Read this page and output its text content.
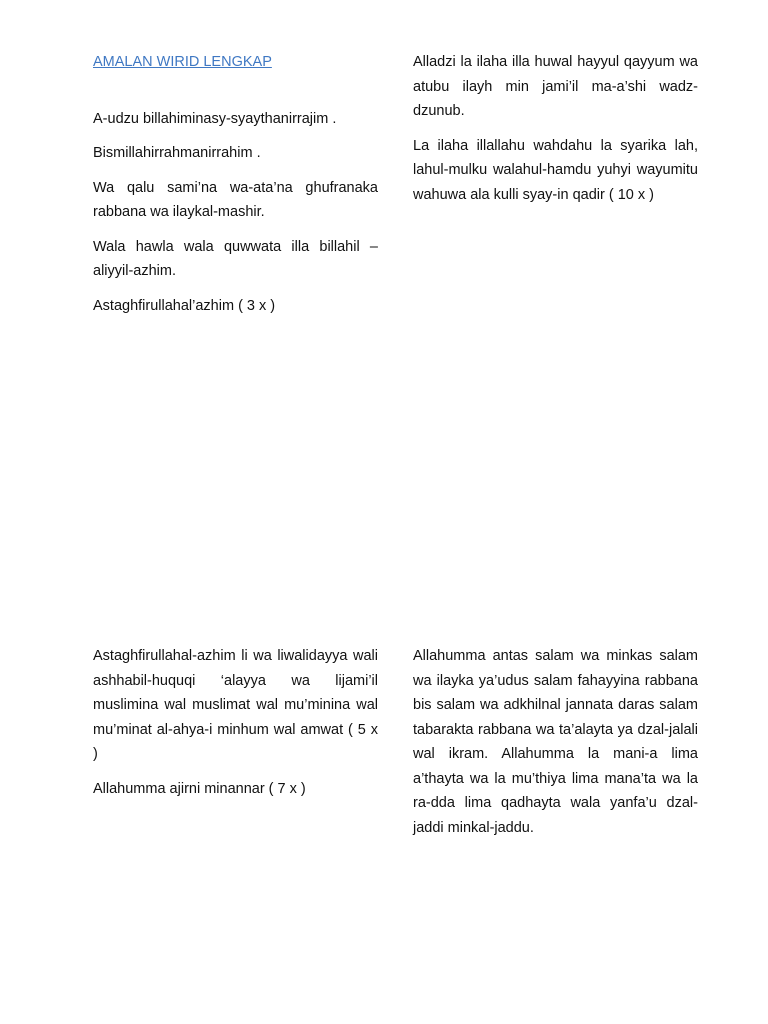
AMALAN WIRID LENGKAP

A-udzu billahiminasy-syaythanirrajim .

Bismillahirrahmanirrahim .

Wa qalu sami’na wa-ata’na ghufranaka rabbana wa ilaykal-mashir.

Wala hawla wala quwwata illa billahil – aliyyil-azhim.

Astaghfirullahal’azhim ( 3 x )

Alladzi la ilaha illa huwal hayyul qayyum wa atubu ilayh min jami’il ma-a’shi wadz-dzunub.

La ilaha illallahu wahdahu la syarika lah, lahul-mulku walahul-hamdu yuhyi wayumitu wahuwa ala kulli syay-in qadir ( 10 x )

Astaghfirullahal-azhim li wa liwalidayya wali ashhabil-huquqi ‘alayya wa lijami’il muslimina wal muslimat wal mu’minina wal mu’minat al-ahya-i minhum wal amwat ( 5 x )

Allahumma ajirni minannar ( 7 x )

Allahumma antas salam wa minkas salam wa ilayka ya’udus salam fahayyina rabbana bis salam wa adkhilnal jannata daras salam tabarakta rabbana wa ta’alayta ya dzal-jalali wal ikram. Allahumma la mani-a lima a’thayta wa la mu’thiya lima mana’ta wa la ra-dda lima qadhayta wala yanfa’u dzal-jaddi minkal-jaddu.
